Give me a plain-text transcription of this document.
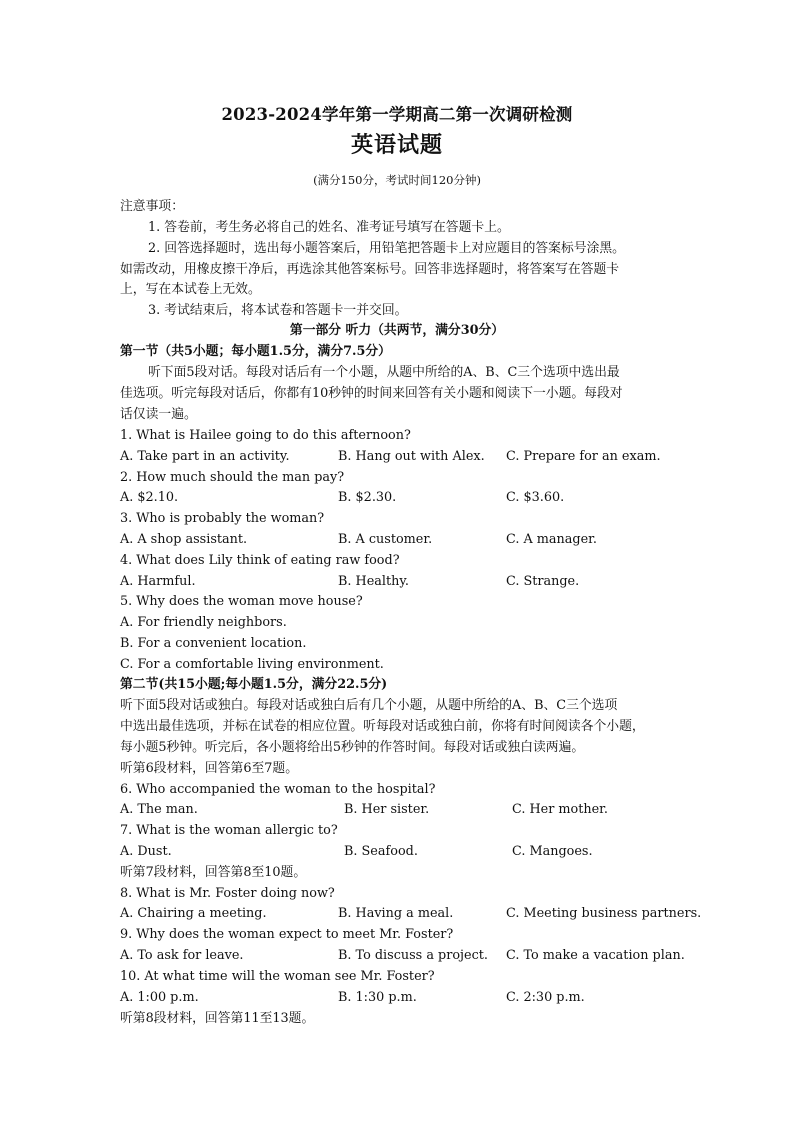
2023-2024学年第一学期高二第一次调研检测
英语试题
(满分150分，考试时间120分钟)
注意事项：
1. 答卷前，考生务必将自己的姓名、准考证号填写在答题卡上。
2. 回答选择题时，选出每小题答案后，用铅笔把答题卡上对应题目的答案标号涂黑。
如需改动，用橡皮擦干净后，再选涂其他答案标号。回答非选择题时，将答案写在答题卡
上，写在本试卷上无效。
3. 考试结束后，将本试卷和答题卡一并交回。
第一部分 听力（共两节，满分30分）
第一节（共5小题；每小题1.5分，满分7.5分）
听下面5段对话。每段对话后有一个小题，从题中所给的A、B、C三个选项中选出最
佳选项。听完每段对话后，你都有10秒钟的时间来回答有关小题和阅读下一小题。每段对
话仅读一遍。
1. What is Hailee going to do this afternoon?
A. Take part in an activity.	B. Hang out with Alex. C. Prepare for an exam.
2. How much should the man pay?
A. $2.10.	B. $2.30.	C. $3.60.
3. Who is probably the woman?
A. A shop assistant.	B. A customer.	C. A manager.
4. What does Lily think of eating raw food?
A. Harmful.	B. Healthy.	C. Strange.
5. Why does the woman move house?
A. For friendly neighbors.
B. For a convenient location.
C. For a comfortable living environment.
第二节(共15小题;每小题1.5分，满分22.5分)
听下面5段对话或独白。每段对话或独白后有几个小题，从题中所给的A、B、C三个选项
中选出最佳选项，并标在试卷的相应位置。听每段对话或独白前，你将有时间阅读各个小题，
每小题5秒钟。听完后，各小题将给出5秒钟的作答时间。每段对话或独白读两遍。
听第6段材料，回答第6至7题。
6. Who accompanied the woman to the hospital?
A. The man.	B. Her sister.	C. Her mother.
7. What is the woman allergic to?
A. Dust.	B. Seafood.	C. Mangoes.
听第7段材料，回答第8至10题。
8. What is Mr. Foster doing now?
A. Chairing a meeting.	B. Having a meal.	C. Meeting business partners.
9. Why does the woman expect to meet Mr. Foster?
A. To ask for leave.	B. To discuss a project. C. To make a vacation plan.
10. At what time will the woman see Mr. Foster?
A. 1:00 p.m.	B. 1:30 p.m.	C. 2:30 p.m.
听第8段材料，回答第11至13题。
